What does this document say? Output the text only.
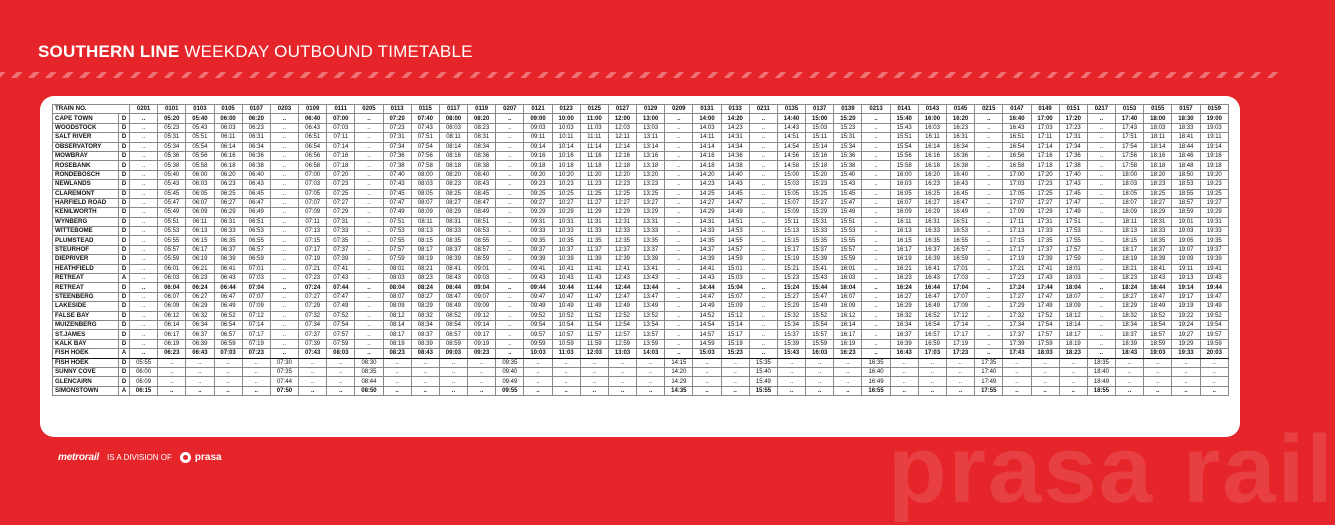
SOUTHERN LINE WEEKDAY OUTBOUND TIMETABLE
TRAIN NO.		0201	0101	0103	0105	0107	0203	0109	0111	0205	0113	0115	0117	0119	0207	0121	0123	0125	0127	0129	0209	0131	0133	0211	0135	0137	0139	0213	0141	0143	0145	0215	0147	0149	0151	0217	0153	0155	0157	0159
CAPE TOWN	D	..	05:20	05:40	06:00	06:20	..	06:40	07:00	..	07:20	07:40	08:00	08:20	..	09:00	10:00	11:00	12:00	13:00	..	14:00	14:20	..	14:40	15:00	15:20	..	15:40	16:00	16:20	..	16:40	17:00	17:20	..	17:40	18:00	18:30	19:00
WOODSTOCK	D	..	05:23	05:43	06:03	06:23	..	06:43	07:03	..	07:23	07:43	08:03	08:23	..	09:03	10:03	11:03	12:03	13:03	..	14:03	14:23	..	14:43	15:03	15:23	..	15:43	16:03	16:23	..	16:43	17:03	17:23	..	17:43	18:03	18:33	19:03
SALT RIVER	D	..	05:31	05:51	06:11	06:31	..	06:51	07:11	..	07:31	07:51	08:11	08:31	..	09:11	10:11	11:11	12:11	13:11	..	14:11	14:31	..	14:51	15:11	15:31	..	15:51	16:11	16:31	..	16:51	17:11	17:31	..	17:51	18:11	18:41	19:11
OBSERVATORY	D	..	05:34	05:54	06:14	06:34	..	06:54	07:14	..	07:34	07:54	08:14	08:34	..	09:14	10:14	11:14	12:14	13:14	..	14:14	14:34	..	14:54	15:14	15:34	..	15:54	16:14	16:34	..	16:54	17:14	17:34	..	17:54	18:14	18:44	19:14
MOWBRAY	D	..	05:36	05:56	06:16	06:36	..	06:56	07:16	..	07:36	07:56	08:16	08:36	..	09:16	10:16	11:16	12:16	13:16	..	14:16	14:36	..	14:56	15:16	15:36	..	15:56	16:16	16:36	..	16:56	17:16	17:36	..	17:56	18:16	18:46	19:16
ROSEBANK	D	..	05:38	05:58	06:18	06:38	..	06:58	07:18	..	07:38	07:58	08:18	08:38	..	09:18	10:18	11:18	12:18	13:18	..	14:18	14:38	..	14:58	15:18	15:38	..	15:58	16:18	16:38	..	16:58	17:18	17:38	..	17:58	18:18	18:48	19:18
RONDEBOSCH	D	..	05:40	06:00	06:20	06:40	..	07:00	07:20	..	07:40	08:00	08:20	08:40	..	09:20	10:20	11:20	12:20	13:20	..	14:20	14:40	..	15:00	15:20	15:40	..	16:00	16:20	16:40	..	17:00	17:20	17:40	..	18:00	18:20	18:50	19:20
NEWLANDS	D	..	05:43	06:03	06:23	06:43	..	07:03	07:23	..	07:43	08:03	08:23	08:43	..	09:23	10:23	11:23	12:23	13:23	..	14:23	14:43	..	15:03	15:23	15:43	..	16:03	16:23	16:43	..	17:03	17:23	17:43	..	18:03	18:23	18:53	19:23
CLAREMONT	D	..	05:45	06:05	06:25	06:45	..	07:05	07:25	..	07:45	08:05	08:25	08:45	..	09:25	10:25	11:25	12:25	13:25	..	14:25	14:45	..	15:05	15:25	15:45	..	16:05	16:25	16:45	..	17:05	17:25	17:45	..	18:05	18:25	18:55	19:25
HARFIELD ROAD	D	..	05:47	06:07	06:27	06:47	..	07:07	07:27	..	07:47	08:07	08:27	08:47	..	09:27	10:27	11:27	12:27	13:27	..	14:27	14:47	..	15:07	15:27	15:47	..	16:07	16:27	16:47	..	17:07	17:27	17:47	..	18:07	18:27	18:57	19:27
KENILWORTH	D	..	05:49	06:09	06:29	06:49	..	07:09	07:29	..	07:49	08:09	08:29	08:49	..	09:29	10:29	11:29	12:29	13:29	..	14:29	14:49	..	15:09	15:29	15:49	..	16:09	16:29	16:49	..	17:09	17:29	17:49	..	18:09	18:29	18:59	19:29
WYNBERG	D	..	05:51	06:11	06:31	06:51	..	07:11	07:31	..	07:51	08:11	08:31	08:51	..	09:31	10:31	11:31	12:31	13:31	..	14:31	14:51	..	15:11	15:31	15:51	..	16:11	16:31	16:51	..	17:11	17:31	17:51	..	18:11	18:31	19:01	19:31
WITTEBOME	D	..	05:53	06:13	06:33	06:53	..	07:13	07:33	..	07:53	08:13	08:33	08:53	..	09:33	10:33	11:33	12:33	13:33	..	14:33	14:53	..	15:13	15:33	15:53	..	16:13	16:33	16:53	..	17:13	17:33	17:53	..	18:13	18:33	19:03	19:33
PLUMSTEAD	D	..	05:55	06:15	06:35	06:55	..	07:15	07:35	..	07:55	08:15	08:35	08:55	..	09:35	10:35	11:35	12:35	13:35	..	14:35	14:55	..	15:15	15:35	15:55	..	16:15	16:35	16:55	..	17:15	17:35	17:55	..	18:15	18:35	19:05	19:35
STEURHOF	D	..	05:57	06:17	06:37	06:57	..	07:17	07:37	..	07:57	08:17	08:37	08:57	..	09:37	10:37	11:37	12:37	13:37	..	14:37	14:57	..	15:17	15:37	15:57	..	16:17	16:37	16:57	..	17:17	17:37	17:57	..	18:17	18:37	19:07	19:37
DIEPRIVER	D	..	05:59	06:19	06:39	06:59	..	07:19	07:39	..	07:59	08:19	08:39	08:59	..	09:39	10:39	11:39	12:39	13:39	..	14:39	14:59	..	15:19	15:39	15:59	..	16:19	16:39	16:59	..	17:19	17:39	17:59	..	18:19	18:39	19:09	19:39
HEATHFIELD	D	..	06:01	06:21	06:41	07:01	..	07:21	07:41	..	08:01	08:21	08:41	09:01	..	09:41	10:41	11:41	12:41	13:41	..	14:41	15:01	..	15:21	15:41	16:01	..	16:21	16:41	17:01	..	17:21	17:41	18:01	..	18:21	18:41	19:11	19:41
RETREAT	A	..	06:03	06:23	06:43	07:03	..	07:23	07:43	..	08:03	08:23	08:43	09:03	..	09:43	10:43	11:43	12:43	13:43	..	14:43	15:03	..	15:23	15:43	16:03	..	16:23	16:43	17:03	..	17:23	17:43	18:03	..	18:23	18:43	19:13	19:43
RETREAT	D	..	06:04	06:24	06:44	07:04	..	07:24	07:44	..	08:04	08:24	08:44	09:04	..	09:44	10:44	11:44	12:44	13:44	..	14:44	15:04	..	15:24	15:44	16:04	..	16:24	16:44	17:04	..	17:24	17:44	18:04	..	18:24	18:44	19:14	19:44
STEENBERG	D	..	06:07	06:27	06:47	07:07	..	07:27	07:47	..	08:07	08:27	08:47	09:07	..	09:47	10:47	11:47	12:47	13:47	..	14:47	15:07	..	15:27	15:47	16:07	..	16:27	16:47	17:07	..	17:27	17:47	18:07	..	18:27	18:47	19:17	19:47
LAKESIDE	D	..	06:09	06:29	06:49	07:09	..	07:29	07:49	..	08:09	08:29	08:49	09:09	..	09:49	10:49	11:49	12:49	13:49	..	14:49	15:09	..	15:29	15:49	16:09	..	16:29	16:49	17:09	..	17:29	17:49	18:09	..	18:29	18:49	19:19	19:49
FALSE BAY	D	..	06:12	06:32	06:52	07:12	..	07:32	07:52	..	08:12	08:32	08:52	09:12	..	09:52	10:52	11:52	12:52	13:52	..	14:52	15:12	..	15:32	15:52	16:12	..	16:32	16:52	17:12	..	17:32	17:52	18:12	..	18:32	18:52	19:22	19:52
MUIZENBERG	D	..	06:14	06:34	06:54	07:14	..	07:34	07:54	..	08:14	08:34	08:54	09:14	..	09:54	10:54	11:54	12:54	13:54	..	14:54	15:14	..	15:34	15:54	16:14	..	16:34	16:54	17:14	..	17:34	17:54	18:14	..	18:34	18:54	19:24	19:54
ST.JAMES	D	..	06:17	06:37	06:57	07:17	..	07:37	07:57	..	08:17	08:37	08:57	09:17	..	09:57	10:57	11:57	12:57	13:57	..	14:57	15:17	..	15:37	15:57	16:17	..	16:37	16:57	17:17	..	17:37	17:57	18:17	..	18:37	18:57	19:27	19:57
KALK BAY	D	..	06:19	06:39	06:59	07:19	..	07:39	07:59	..	08:19	08:39	08:59	09:19	..	09:59	10:59	11:59	12:59	13:59	..	14:59	15:19	..	15:39	15:59	16:19	..	16:39	16:59	17:19	..	17:39	17:59	18:19	..	18:39	18:59	19:29	19:59
FISH HOEK	A	..	06:23	06:43	07:03	07:23	..	07:43	08:03	..	08:23	08:43	09:03	09:23	..	10:03	11:03	12:03	13:03	14:03	..	15:03	15:23	..	15:43	16:03	16:23	..	16:43	17:03	17:23	..	17:43	18:03	18:23	..	18:43	19:03	19:33	20:03
FISH HOEK	D	05:55	..	..	..	..	07:30	..	..	08:30	..	..	..	..	09:35	..	..	..	..	..	14:15	..	..	15:35	..	..	..	16:35	..	..	..	17:35	..	..	..	18:35	..	..	..	..
SUNNY COVE	D	06:00	..	..	..	..	07:35	..	..	08:35	..	..	..	..	09:40	..	..	..	..	..	14:20	..	..	15:40	..	..	..	16:40	..	..	..	17:40	..	..	..	18:40	..	..	..	..
GLENCAIRN	D	06:09	..	..	..	..	07:44	..	..	08:44	..	..	..	..	09:49	..	..	..	..	..	14:29	..	..	15:49	..	..	..	16:49	..	..	..	17:49	..	..	..	18:49	..	..	..	..
SIMONSTOWN	A	06:15	..	..	..	..	07:50	..	..	08:50	..	..	..	..	09:55	..	..	..	..	..	14:35	..	..	15:55	..	..	..	16:55	..	..	..	17:55	..	..	..	18:55	..	..	..	..
metrorail IS A DIVISION OF prasa	prasa rail
